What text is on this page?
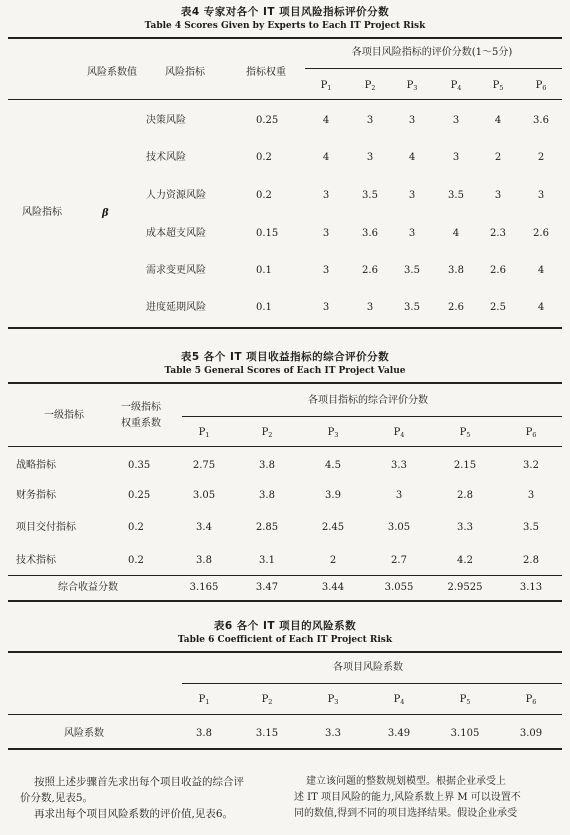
表4 专家对各个 IT 项目风险指标评价分数
Table 4 Scores Given by Experts to Each IT Project Risk
风险系数值	风险指标	指标权重
各项目风险指标的评价分数(1～5分)
$P_1$	$P_2$	$P_3$	$P_4$	$P_5$	$P_6$
风险指标	β
决策风险	0.25	4	3	3	3	4	3.6
技术风险	0.2	4	3	4	3	2	2
人力资源风险	0.2	3	3.5	3	3.5	3	3
成本超支风险	0.15	3	3.6	3	4	2.3	2.6
需求变更风险	0.1	3	2.6	3.5	3.8	2.6	4
进度延期风险	0.1	3	3	3.5	2.6	2.5	4
表5 各个 IT 项目收益指标的综合评价分数
Table 5 General Scores of Each IT Project Value
一级指标
一级指标
权重系数
各项目指标的综合评价分数
$P_1$	$P_2$	$P_3$	$P_4$	$P_5$	$P_6$
战略指标	0.35	2.75	3.8	4.5	3.3	2.15	3.2
财务指标	0.25	3.05	3.8	3.9	3	2.8	3
项目交付指标	0.2	3.4	2.85	2.45	3.05	3.3	3.5
技术指标	0.2	3.8	3.1	2	2.7	4.2	2.8
综合收益分数	3.165	3.47	3.44	3.055	2.9525	3.13
表6 各个 IT 项目的风险系数
Table 6 Coefficient of Each IT Project Risk
各项目风险系数
$P_1$	$P_2$	$P_3$	$P_4$	$P_5$	$P_6$
风险系数	3.8	3.15	3.3	3.49	3.105	3.09
按照上述步骤首先求出每个项目收益的综合评
价分数,见表5。
再求出每个项目风险系数的评价值,见表6。
建立该问题的整数规划模型。根据企业承受上
述 IT 项目风险的能力,风险系数上界 M 可以设置不
同的数值,得到不同的项目选择结果。假设企业承受
